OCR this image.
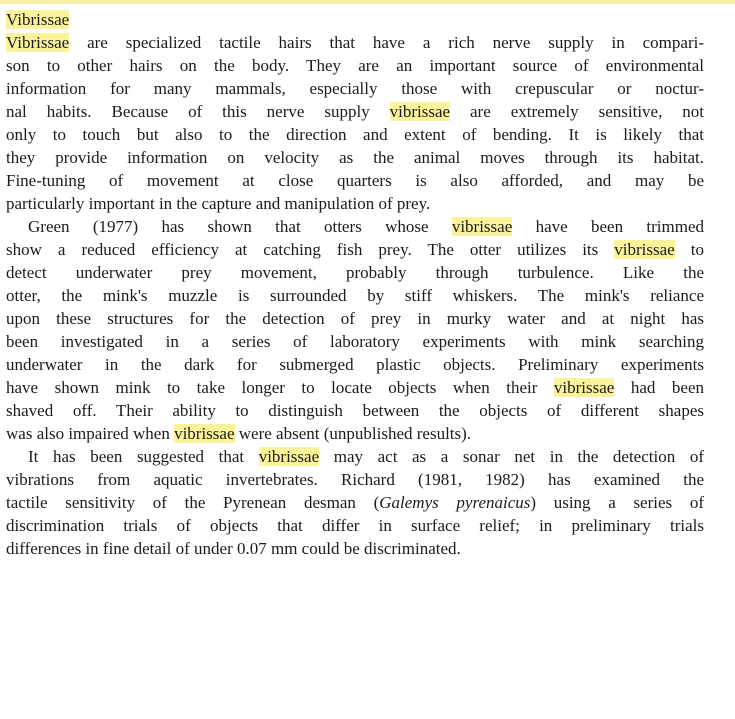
Vibrissae
Vibrissae are specialized tactile hairs that have a rich nerve supply in compari-
son to other hairs on the body. They are an important source of environmental
information for many mammals, especially those with crepuscular or noctur-
nal habits. Because of this nerve supply vibrissae are extremely sensitive, not
only to touch but also to the direction and extent of bending. It is likely that
they provide information on velocity as the animal moves through its habitat.
Fine-tuning of movement at close quarters is also afforded, and may be
particularly important in the capture and manipulation of prey.
Green (1977) has shown that otters whose vibrissae have been trimmed
show a reduced efficiency at catching fish prey. The otter utilizes its vibrissae to
detect underwater prey movement, probably through turbulence. Like the
otter, the mink's muzzle is surrounded by stiff whiskers. The mink's reliance
upon these structures for the detection of prey in murky water and at night has
been investigated in a series of laboratory experiments with mink searching
underwater in the dark for submerged plastic objects. Preliminary experiments
have shown mink to take longer to locate objects when their vibrissae had been
shaved off. Their ability to distinguish between the objects of different shapes
was also impaired when vibrissae were absent (unpublished results).
It has been suggested that vibrissae may act as a sonar net in the detection of
vibrations from aquatic invertebrates. Richard (1981, 1982) has examined the
tactile sensitivity of the Pyrenean desman (Galemys pyrenaicus) using a series of
discrimination trials of objects that differ in surface relief; in preliminary trials
differences in fine detail of under 0.07 mm could be discriminated.
